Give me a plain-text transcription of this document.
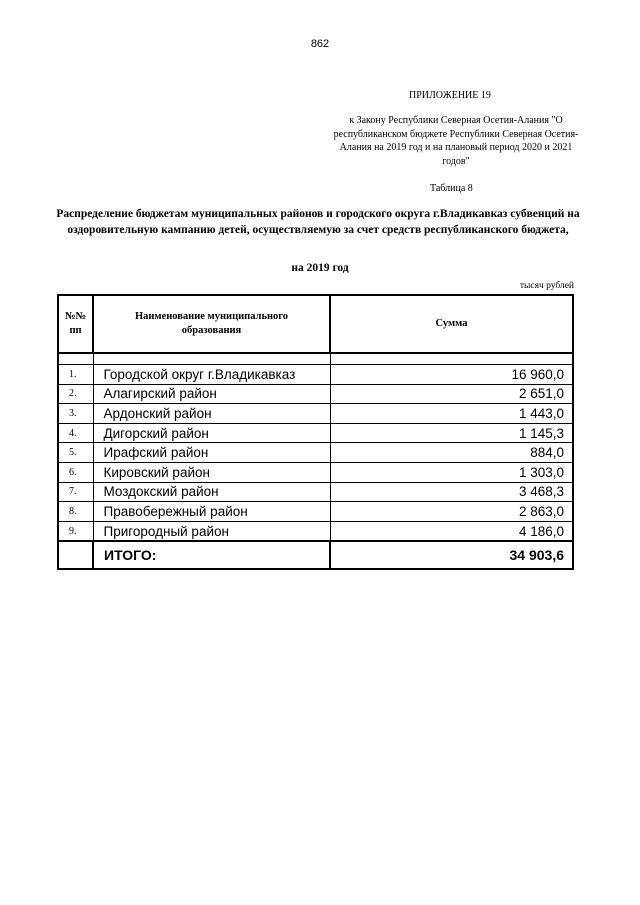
862
ПРИЛОЖЕНИЕ 19
к Закону Республики Северная Осетия-Алания "О республиканском бюджете Республики Северная Осетия-Алания на 2019 год и на плановый период 2020 и 2021 годов"
Таблица 8
Распределение бюджетам муниципальных районов и городского округа г.Владикавказ субвенций на оздоровительную кампанию детей, осуществляемую за счет средств республиканского бюджета,
на 2019 год
тысяч рублей
№№
пп	Наименование муниципального образования	Сумма

1.	Городской округ г.Владикавказ	16 960,0
2.	Алагирский район	2 651,0
3.	Ардонский район	1 443,0
4.	Дигорский район	1 145,3
5.	Ирафский район	884,0
6.	Кировский район	1 303,0
7.	Моздокский район	3 468,3
8.	Правобережный район	2 863,0
9.	Пригородный район	4 186,0
	ИТОГО:	34 903,6
